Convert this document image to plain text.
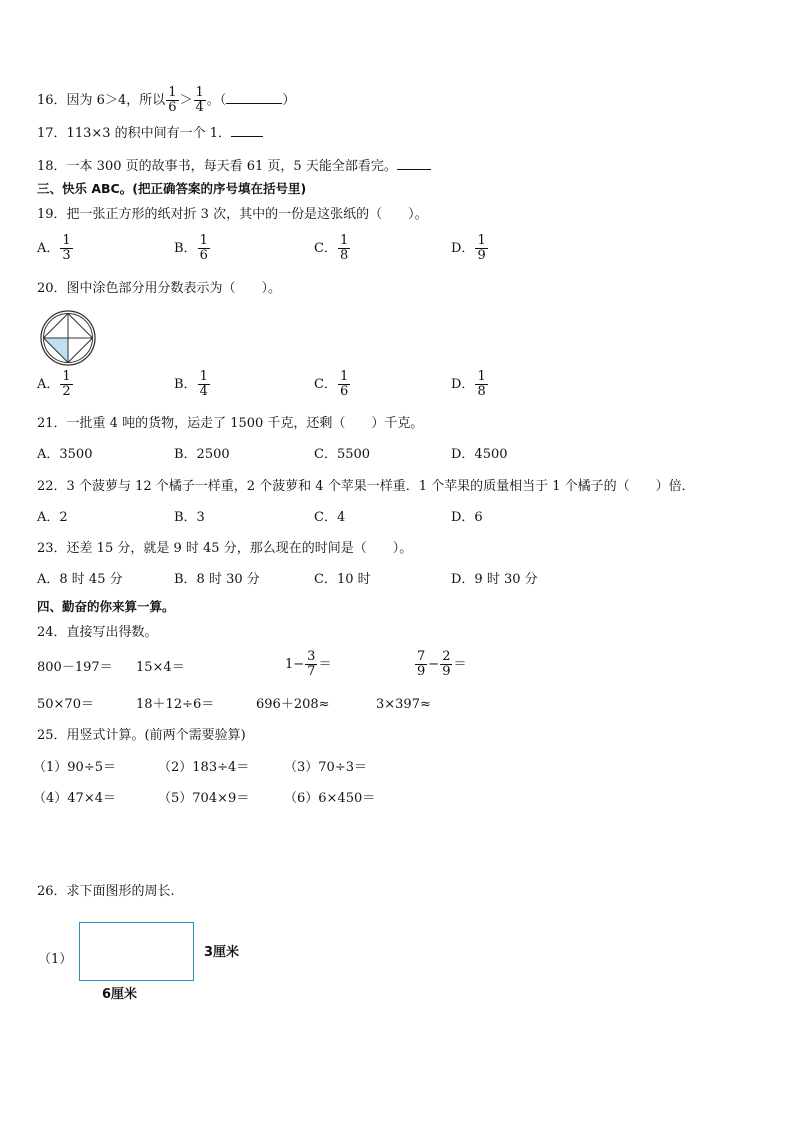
16．因为 6＞4，所以 $\frac{1}{6} > \frac{1}{4}$ 。（	）
17．113×3 的积中间有一个 1．
18．一本 300 页的故事书，每天看 61 页，5 天能全部看完。
三、快乐 ABC。(把正确答案的序号填在括号里)
19．把一张正方形的纸对折 3 次，其中的一份是这张纸的（　　）。
A． $\frac{1}{3}$	B． $\frac{1}{6}$	C． $\frac{1}{8}$	D． $\frac{1}{9}$
20．图中涂色部分用分数表示为（　　）。
A． $\frac{1}{2}$	B． $\frac{1}{4}$	C． $\frac{1}{6}$	D． $\frac{1}{8}$
21．一批重 4 吨的货物，运走了 1500 千克，还剩（　　）千克。
A．3500	B．2500	C．5500	D．4500
22．3 个菠萝与 12 个橘子一样重，2 个菠萝和 4 个苹果一样重．1 个苹果的质量相当于 1 个橘子的（　　）倍．
A．2	B．3	C．4	D．6
23．还差 15 分，就是 9 时 45 分，那么现在的时间是（　　）。
A．8 时 45 分	B．8 时 30 分	C．10 时	D．9 时 30 分
四、勤奋的你来算一算。
24．直接写出得数。
800－197＝ 15×4＝	$1- \frac{3}{7}$ ＝	$\frac{7}{9} - \frac{2}{9}$ ＝
50×70＝	18＋12÷6＝	696＋208≈	3×397≈
25．用竖式计算。(前两个需要验算)
（1）90÷5＝	（2）183÷4＝	（3）70÷3＝
（4）47×4＝	（5）704×9＝	（6）6×450＝
26．求下面图形的周长.
（1）	3厘米
6厘米
